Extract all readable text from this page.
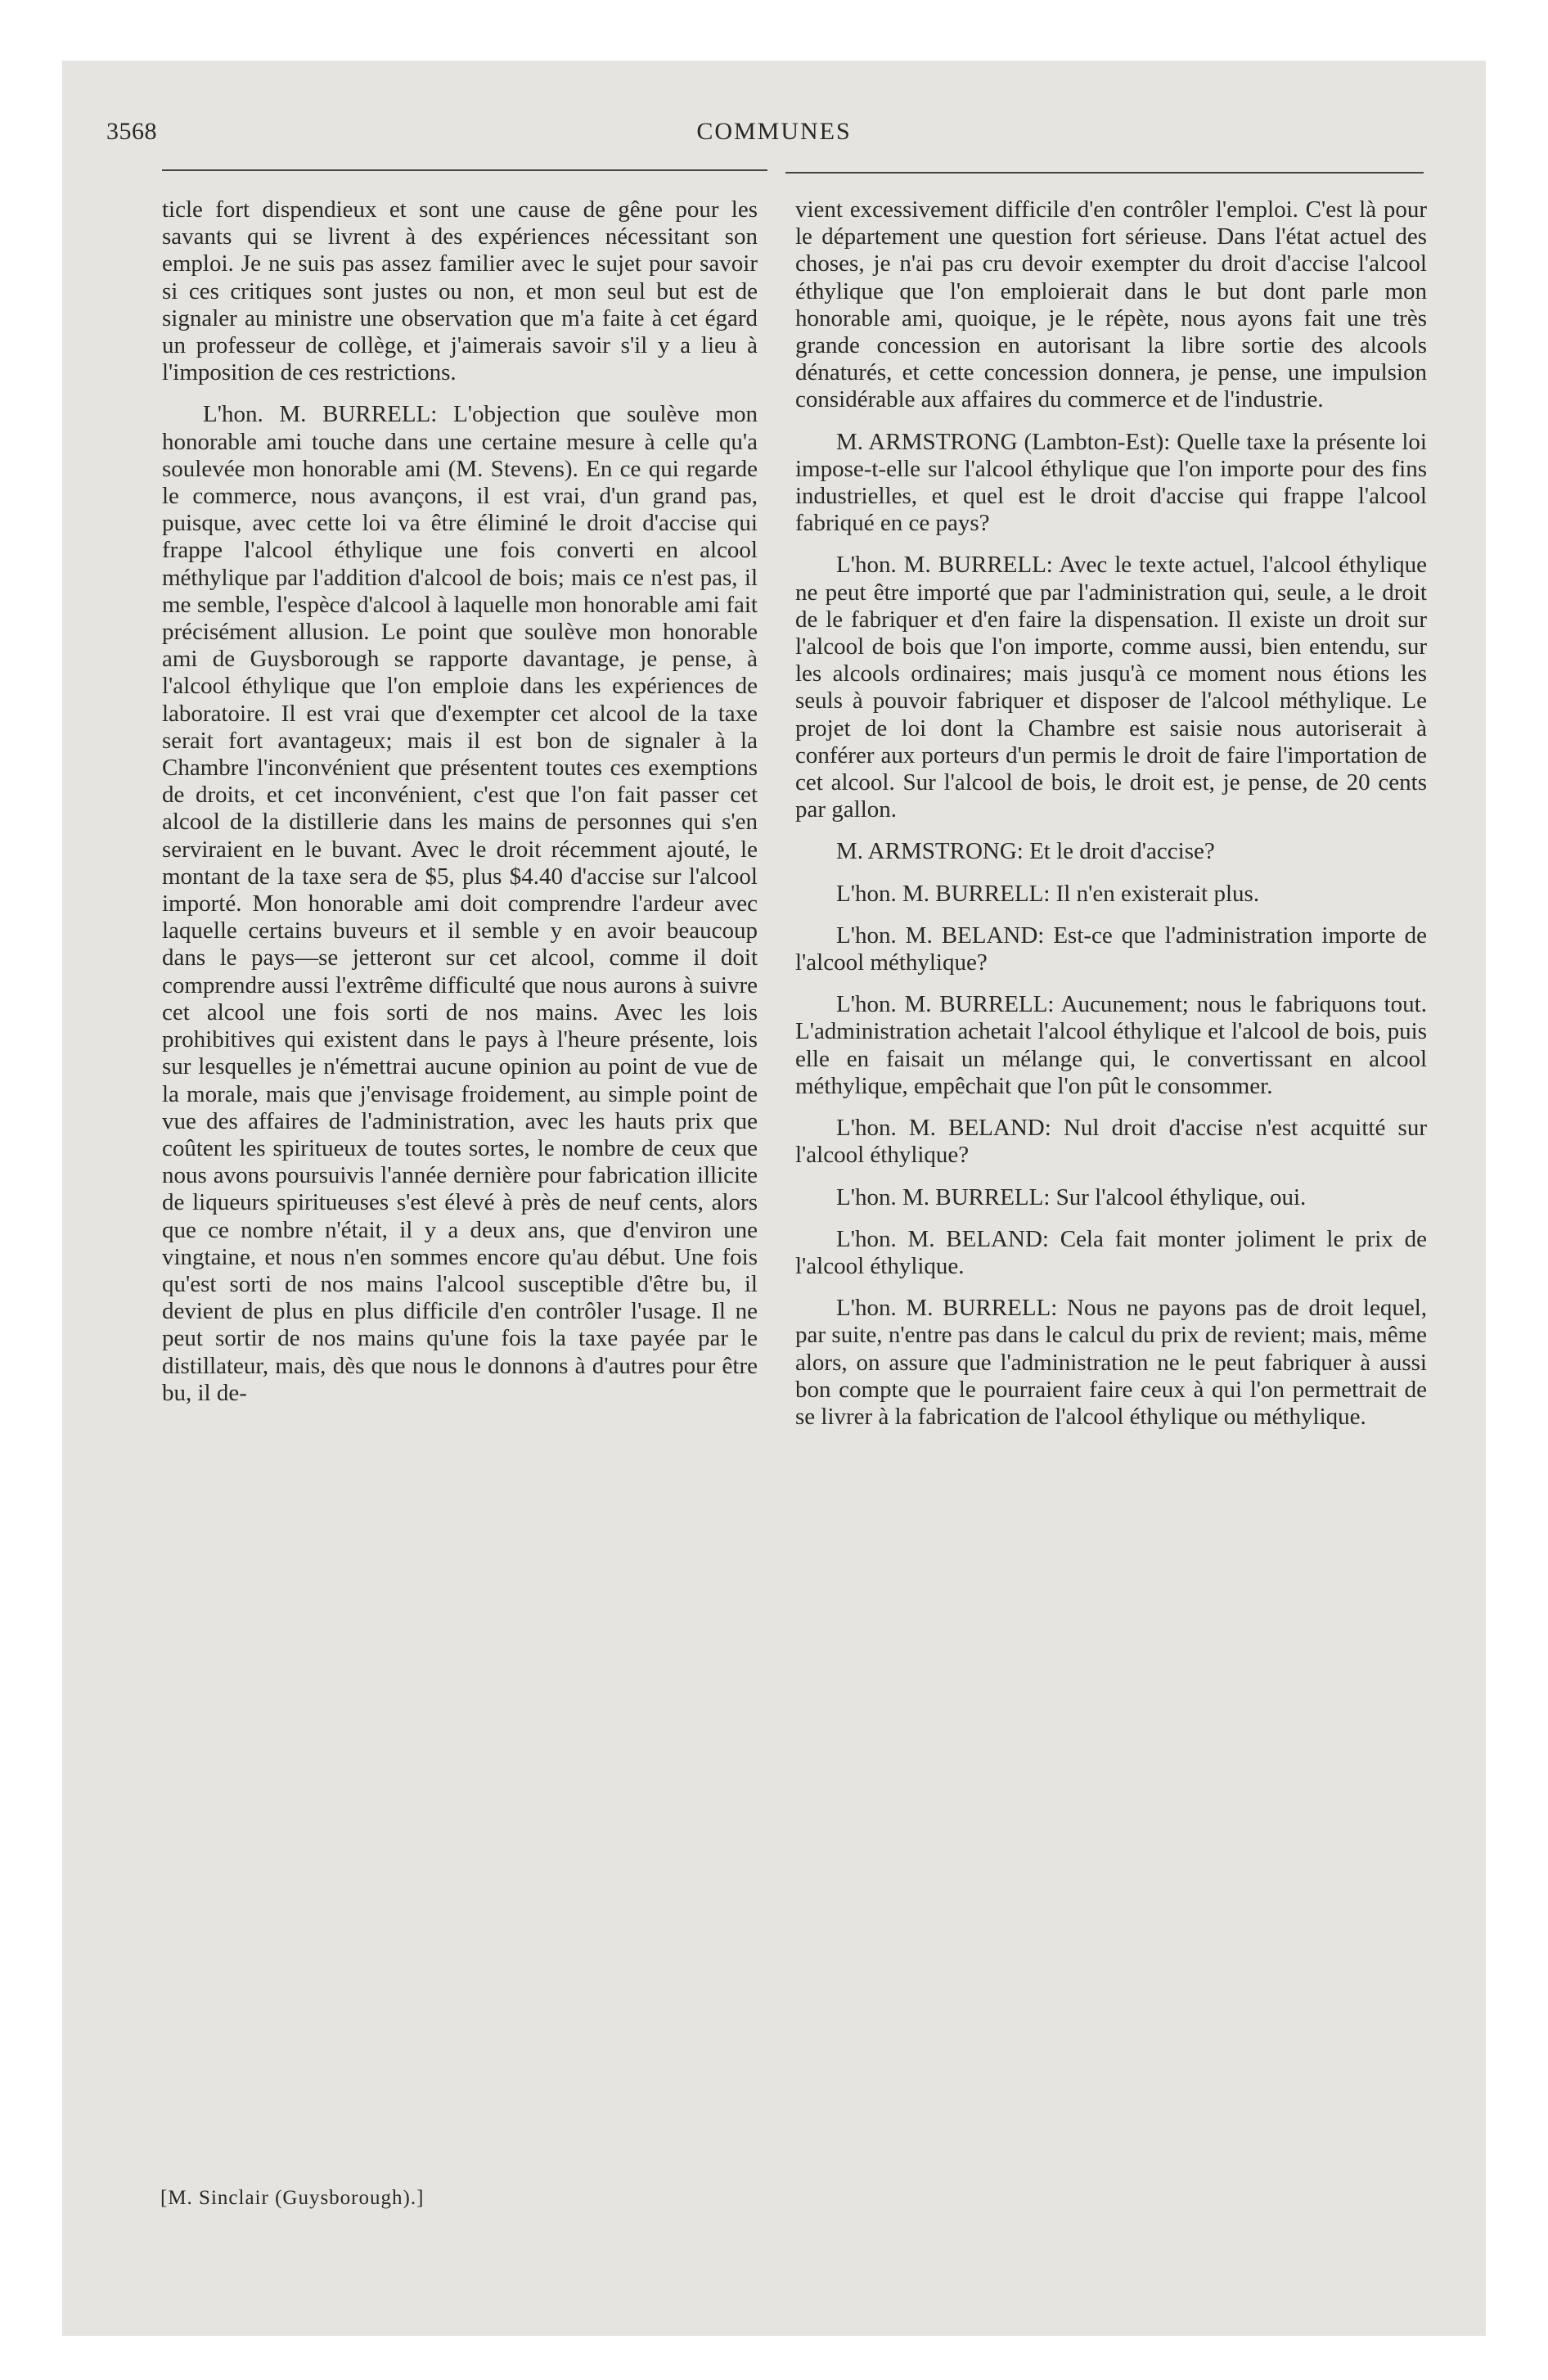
3568	COMMUNES

ticle fort dispendieux et sont une cause de gêne pour les savants qui se livrent à des expériences nécessitant son emploi. Je ne suis pas assez familier avec le sujet pour savoir si ces critiques sont justes ou non, et mon seul but est de signaler au ministre une observation que m'a faite à cet égard un professeur de collège, et j'aimerais savoir s'il y a lieu à l'imposition de ces restrictions.

L'hon. M. BURRELL: L'objection que soulève mon honorable ami touche dans une certaine mesure à celle qu'a soulevée mon honorable ami (M. Stevens). En ce qui regarde le commerce, nous avançons, il est vrai, d'un grand pas, puisque, avec cette loi va être éliminé le droit d'accise qui frappe l'alcool éthylique une fois converti en alcool méthylique par l'addition d'alcool de bois; mais ce n'est pas, il me semble, l'espèce d'alcool à laquelle mon honorable ami fait précisément allusion. Le point que soulève mon honorable ami de Guysborough se rapporte davantage, je pense, à l'alcool éthylique que l'on emploie dans les expériences de laboratoire. Il est vrai que d'exempter cet alcool de la taxe serait fort avantageux; mais il est bon de signaler à la Chambre l'inconvénient que présentent toutes ces exemptions de droits, et cet inconvénient, c'est que l'on fait passer cet alcool de la distillerie dans les mains de personnes qui s'en serviraient en le buvant. Avec le droit récemment ajouté, le montant de la taxe sera de $5, plus $4.40 d'accise sur l'alcool importé. Mon honorable ami doit comprendre l'ardeur avec laquelle certains buveurs et il semble y en avoir beaucoup dans le pays—se jetteront sur cet alcool, comme il doit comprendre aussi l'extrême difficulté que nous aurons à suivre cet alcool une fois sorti de nos mains. Avec les lois prohibitives qui existent dans le pays à l'heure présente, lois sur lesquelles je n'émettrai aucune opinion au point de vue de la morale, mais que j'envisage froidement, au simple point de vue des affaires de l'administration, avec les hauts prix que coûtent les spiritueux de toutes sortes, le nombre de ceux que nous avons poursuivis l'année dernière pour fabrication illicite de liqueurs spiritueuses s'est élevé à près de neuf cents, alors que ce nombre n'était, il y a deux ans, que d'environ une vingtaine, et nous n'en sommes encore qu'au début. Une fois qu'est sorti de nos mains l'alcool susceptible d'être bu, il devient de plus en plus difficile d'en contrôler l'usage. Il ne peut sortir de nos mains qu'une fois la taxe payée par le distillateur, mais, dès que nous le donnons à d'autres pour être bu, il de-

vient excessivement difficile d'en contrôler l'emploi. C'est là pour le département une question fort sérieuse. Dans l'état actuel des choses, je n'ai pas cru devoir exempter du droit d'accise l'alcool éthylique que l'on emploierait dans le but dont parle mon honorable ami, quoique, je le répète, nous ayons fait une très grande concession en autorisant la libre sortie des alcools dénaturés, et cette concession donnera, je pense, une impulsion considérable aux affaires du commerce et de l'industrie.

M. ARMSTRONG (Lambton-Est): Quelle taxe la présente loi impose-t-elle sur l'alcool éthylique que l'on importe pour des fins industrielles, et quel est le droit d'accise qui frappe l'alcool fabriqué en ce pays?

L'hon. M. BURRELL: Avec le texte actuel, l'alcool éthylique ne peut être importé que par l'administration qui, seule, a le droit de le fabriquer et d'en faire la dispensation. Il existe un droit sur l'alcool de bois que l'on importe, comme aussi, bien entendu, sur les alcools ordinaires; mais jusqu'à ce moment nous étions les seuls à pouvoir fabriquer et disposer de l'alcool méthylique. Le projet de loi dont la Chambre est saisie nous autoriserait à conférer aux porteurs d'un permis le droit de faire l'importation de cet alcool. Sur l'alcool de bois, le droit est, je pense, de 20 cents par gallon.

M. ARMSTRONG: Et le droit d'accise?

L'hon. M. BURRELL: Il n'en existerait plus.

L'hon. M. BELAND: Est-ce que l'administration importe de l'alcool méthylique?

L'hon. M. BURRELL: Aucunement; nous le fabriquons tout. L'administration achetait l'alcool éthylique et l'alcool de bois, puis elle en faisait un mélange qui, le convertissant en alcool méthylique, empêchait que l'on pût le consommer.

L'hon. M. BELAND: Nul droit d'accise n'est acquitté sur l'alcool éthylique?

L'hon. M. BURRELL: Sur l'alcool éthylique, oui.

L'hon. M. BELAND: Cela fait monter joliment le prix de l'alcool éthylique.

L'hon. M. BURRELL: Nous ne payons pas de droit lequel, par suite, n'entre pas dans le calcul du prix de revient; mais, même alors, on assure que l'administration ne le peut fabriquer à aussi bon compte que le pourraient faire ceux à qui l'on permettrait de se livrer à la fabrication de l'alcool éthylique ou méthylique.

[M. Sinclair (Guysborough).]
